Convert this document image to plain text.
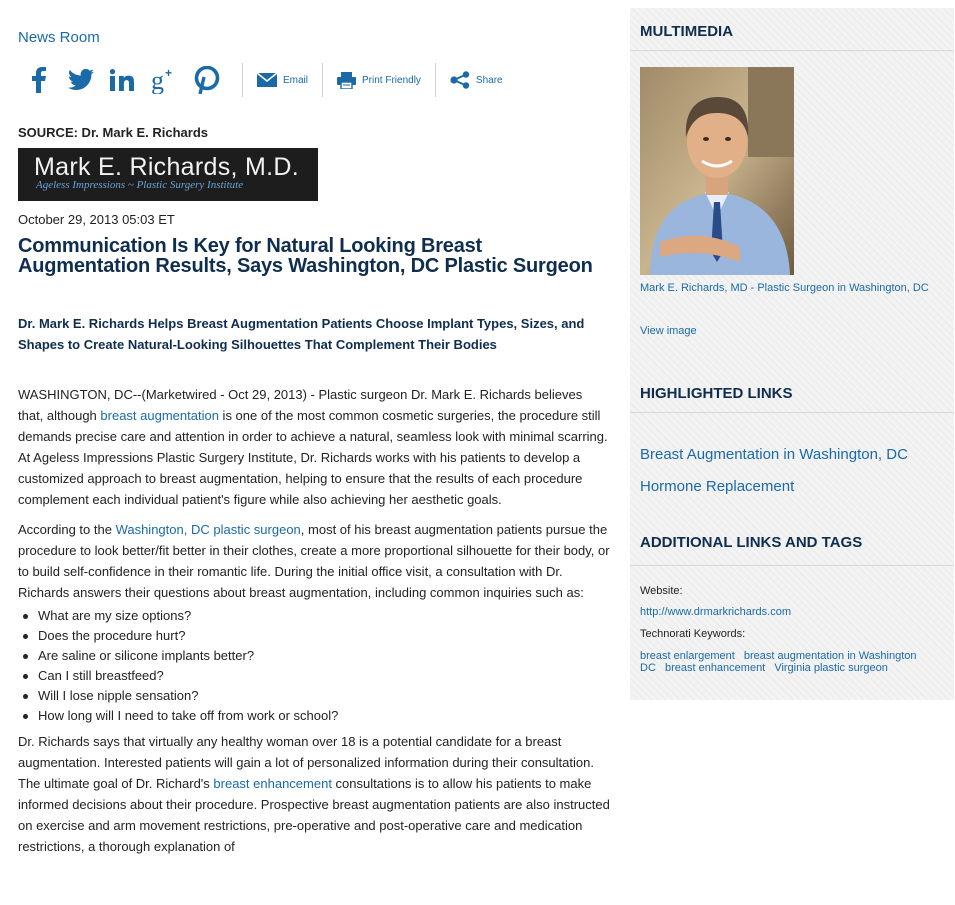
News Room
g +	Email	Print Friendly	Share
SOURCE: Dr. Mark E. Richards
Mark E. Richards, M.D.
Ageless Impressions ~ Plastic Surgery Institute
October 29, 2013 05:03 ET
Communication Is Key for Natural Looking Breast Augmentation Results, Says Washington, DC Plastic Surgeon
Dr. Mark E. Richards Helps Breast Augmentation Patients Choose Implant Types, Sizes, and Shapes to Create Natural-Looking Silhouettes That Complement Their Bodies

WASHINGTON, DC--(Marketwired - Oct 29, 2013) - Plastic surgeon Dr. Mark E. Richards believes that, although breast augmentation is one of the most common cosmetic surgeries, the procedure still demands precise care and attention in order to achieve a natural, seamless look with minimal scarring. At Ageless Impressions Plastic Surgery Institute, Dr. Richards works with his patients to develop a customized approach to breast augmentation, helping to ensure that the results of each procedure complement each individual patient's figure while also achieving her aesthetic goals.

According to the Washington, DC plastic surgeon, most of his breast augmentation patients pursue the procedure to look better/fit better in their clothes, create a more proportional silhouette for their body, or to build self-confidence in their romantic life. During the initial office visit, a consultation with Dr. Richards answers their questions about breast augmentation, including common inquiries such as:

What are my size options?
Does the procedure hurt?
Are saline or silicone implants better?
Can I still breastfeed?
Will I lose nipple sensation?
How long will I need to take off from work or school?

Dr. Richards says that virtually any healthy woman over 18 is a potential candidate for a breast augmentation. Interested patients will gain a lot of personalized information during their consultation. The ultimate goal of Dr. Richard's breast enhancement consultations is to allow his patients to make informed decisions about their procedure. Prospective breast augmentation patients are also instructed on exercise and arm movement restrictions, pre-operative and post-operative care and medication restrictions, a thorough explanation of

MULTIMEDIA
Mark E. Richards, MD - Plastic Surgeon in Washington, DC
View image
HIGHLIGHTED LINKS
Breast Augmentation in Washington, DC
Hormone Replacement
ADDITIONAL LINKS AND TAGS
Website:
http://www.drmarkrichards.com
Technorati Keywords:
breast enlargement breast augmentation in Washington DC breast enhancement Virginia plastic surgeon
